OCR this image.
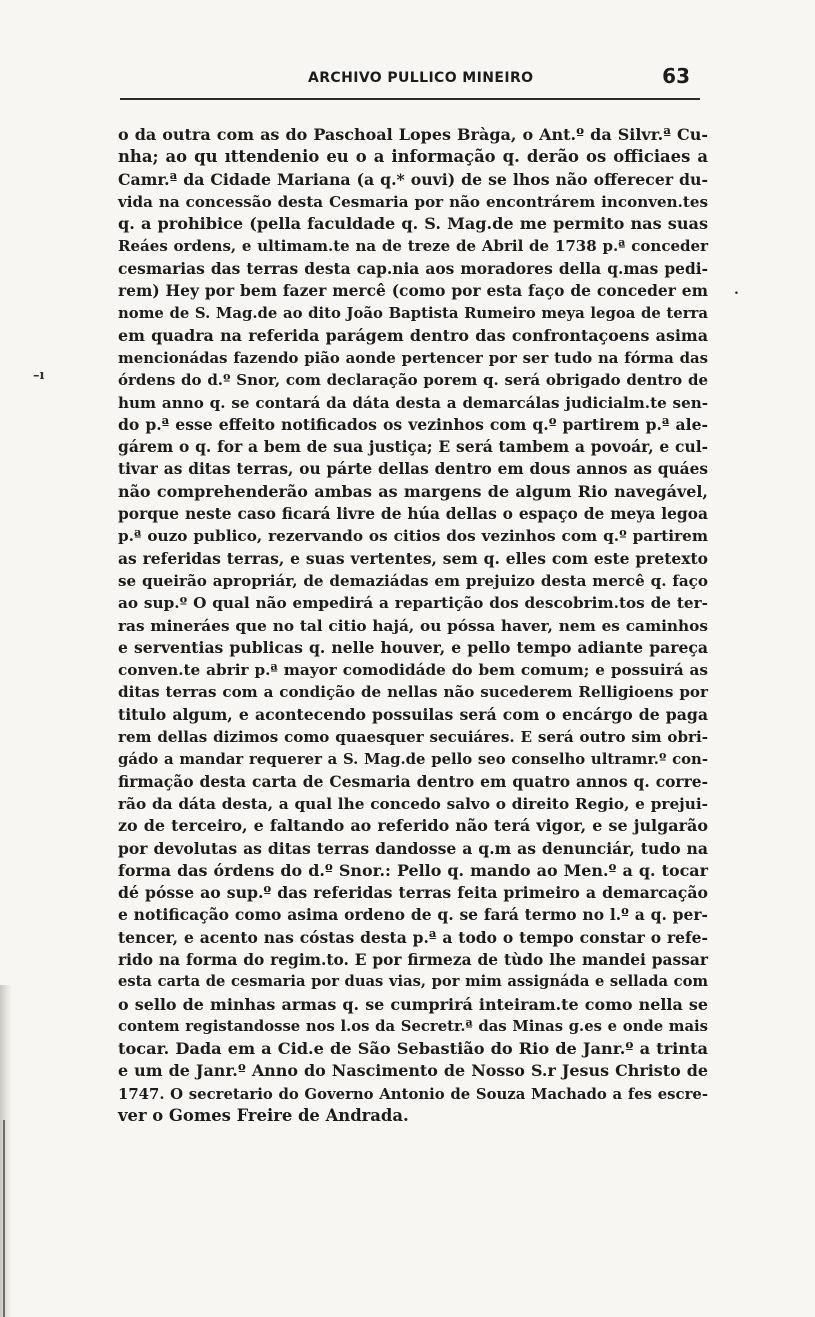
ARCHIVO PULLICO MINEIRO	63
–ı
.
o da outra com as do Paschoal Lopes Bràga, o Ant.º da Silvr.ª Cu-
nha; ao qu ıttendenio eu o a informação q. derão os officiaes a
Camr.ª da Cidade Mariana (a q.* ouvi) de se lhos não offerecer du-
vida na concessão desta Cesmaria por não encontrárem inconven.tes
q. a prohibice (pella faculdade q. S. Mag.de me permito nas suas
Reáes ordens, e ultimam.te na de treze de Abril de 1738 p.ª conceder
cesmarias das terras desta cap.nia aos moradores della q.mas pedi-
rem) Hey por bem fazer mercê (como por esta faço de conceder em
nome de S. Mag.de ao dito João Baptista Rumeiro meya legoa de terra
em quadra na referida parágem dentro das confrontaçoens asima
mencionádas fazendo pião aonde pertencer por ser tudo na fórma das
órdens do d.º Snor, com declaração porem q. será obrigado dentro de
hum anno q. se contará da dáta desta a demarcálas judicialm.te sen-
do p.ª esse effeito notificados os vezinhos com q.º partirem p.ª ale-
gárem o q. for a bem de sua justiça; E será tambem a povoár, e cul-
tivar as ditas terras, ou párte dellas dentro em dous annos as quáes
não comprehenderão ambas as margens de algum Rio navegável,
porque neste caso ficará livre de húa dellas o espaço de meya legoa
p.ª ouzo publico, rezervando os citios dos vezinhos com q.º partirem
as referidas terras, e suas vertentes, sem q. elles com este pretexto
se queirão apropriár, de demaziádas em prejuizo desta mercê q. faço
ao sup.º O qual não empedirá a repartição dos descobrim.tos de ter-
ras mineráes que no tal citio hajá, ou póssa haver, nem es caminhos
e serventias publicas q. nelle houver, e pello tempo adiante pareça
conven.te abrir p.ª mayor comodidáde do bem comum; e possuirá as
ditas terras com a condição de nellas não sucederem Relligioens por
titulo algum, e acontecendo possuilas será com o encárgo de paga
rem dellas dizimos como quaesquer secuiáres. E será outro sim obri-
gádo a mandar requerer a S. Mag.de pello seo conselho ultramr.º con-
firmação desta carta de Cesmaria dentro em quatro annos q. corre-
rão da dáta desta, a qual lhe concedo salvo o direito Regio, e prejui-
zo de terceiro, e faltando ao referido não terá vigor, e se julgarão
por devolutas as ditas terras dandosse a q.m as denunciár, tudo na
forma das órdens do d.º Snor.: Pello q. mando ao Men.º a q. tocar
dé pósse ao sup.º das referidas terras feita primeiro a demarcação
e notificação como asima ordeno de q. se fará termo no l.º a q. per-
tencer, e acento nas cóstas desta p.ª a todo o tempo constar o refe-
rido na forma do regim.to. E por firmeza de tùdo lhe mandei passar
esta carta de cesmaria por duas vias, por mim assignáda e sellada com
o sello de minhas armas q. se cumprirá inteiram.te como nella se
contem registandosse nos l.os da Secretr.ª das Minas g.es e onde mais
tocar. Dada em a Cid.e de São Sebastião do Rio de Janr.º a trinta
e um de Janr.º Anno do Nascimento de Nosso S.r Jesus Christo de
1747. O secretario do Governo Antonio de Souza Machado a fes escre-
ver o Gomes Freire de Andrada.
